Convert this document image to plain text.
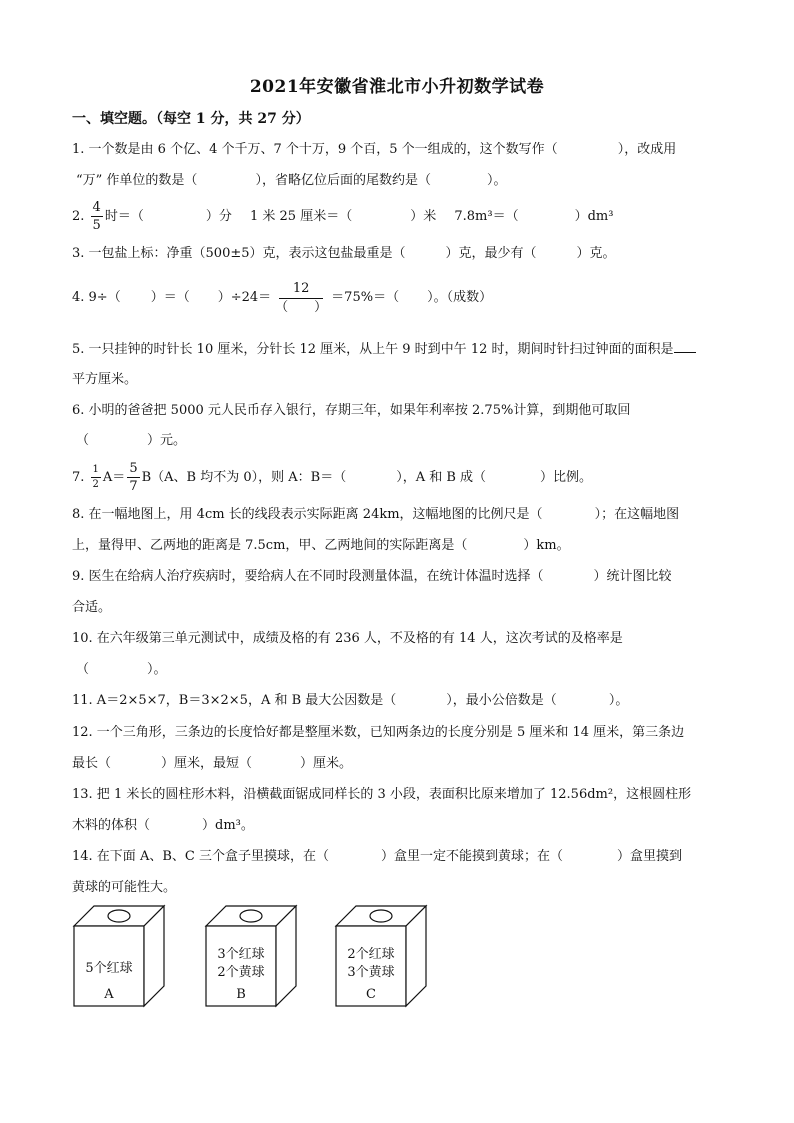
2021年安徽省淮北市小升初数学试卷
一、填空题。（每空 1 分，共 27 分）
1. 一个数是由 6 个亿、4 个千万、7 个十万，9 个百，5 个一组成的，这个数写作（	），改成用
“万” 作单位的数是（	），省略亿位后面的尾数约是（	）。
2. $\frac{4}{5}$ 时＝（	）分 1 米 25 厘米＝（	）米 7.8m³＝（	）dm³
3. 一包盐上标：净重（500±5）克，表示这包盐最重是（	）克，最少有（	）克。
4. 9÷（ ）＝（ ）$\div 24= \frac{12}{( )} =75\%=$（ ）。（成数）
5. 一只挂钟的时针长 10 厘米，分针长 12 厘米，从上午 9 时到中午 12 时，期间时针扫过钟面的面积是
平方厘米。
6. 小明的爸爸把 5000 元人民币存入银行，存期三年，如果年利率按 2.75%计算，到期他可取回
（	）元。
7. $\frac{1}{2} A= \frac{5}{7} B(A$、B 均不为 0），则 A：B＝（	），A 和 B 成（	）比例。
8. 在一幅地图上，用 4cm 长的线段表示实际距离 24km，这幅地图的比例尺是（	）；在这幅地图
上，量得甲、乙两地的距离是 7.5cm，甲、乙两地间的实际距离是（	）km。
9. 医生在给病人治疗疾病时，要给病人在不同时段测量体温，在统计体温时选择（	）统计图比较
合适。
10. 在六年级第三单元测试中，成绩及格的有 236 人，不及格的有 14 人，这次考试的及格率是
（	）。
11. A＝2×5×7，B＝3×2×5，A 和 B 最大公因数是（	），最小公倍数是（	）。
12. 一个三角形，三条边的长度恰好都是整厘米数，已知两条边的长度分别是 5 厘米和 14 厘米，第三条边
最长（	）厘米，最短（	）厘米。
13. 把 1 米长的圆柱形木料，沿横截面锯成同样长的 3 小段，表面积比原来增加了 12.56dm²，这根圆柱形
木料的体积（	）dm³。
14. 在下面 A、B、C 三个盒子里摸球，在（	）盒里一定不能摸到黄球；在（	）盒里摸到
黄球的可能性大。
5个红球
A
3个红球
2个黄球
B
2个红球
3个黄球
C
